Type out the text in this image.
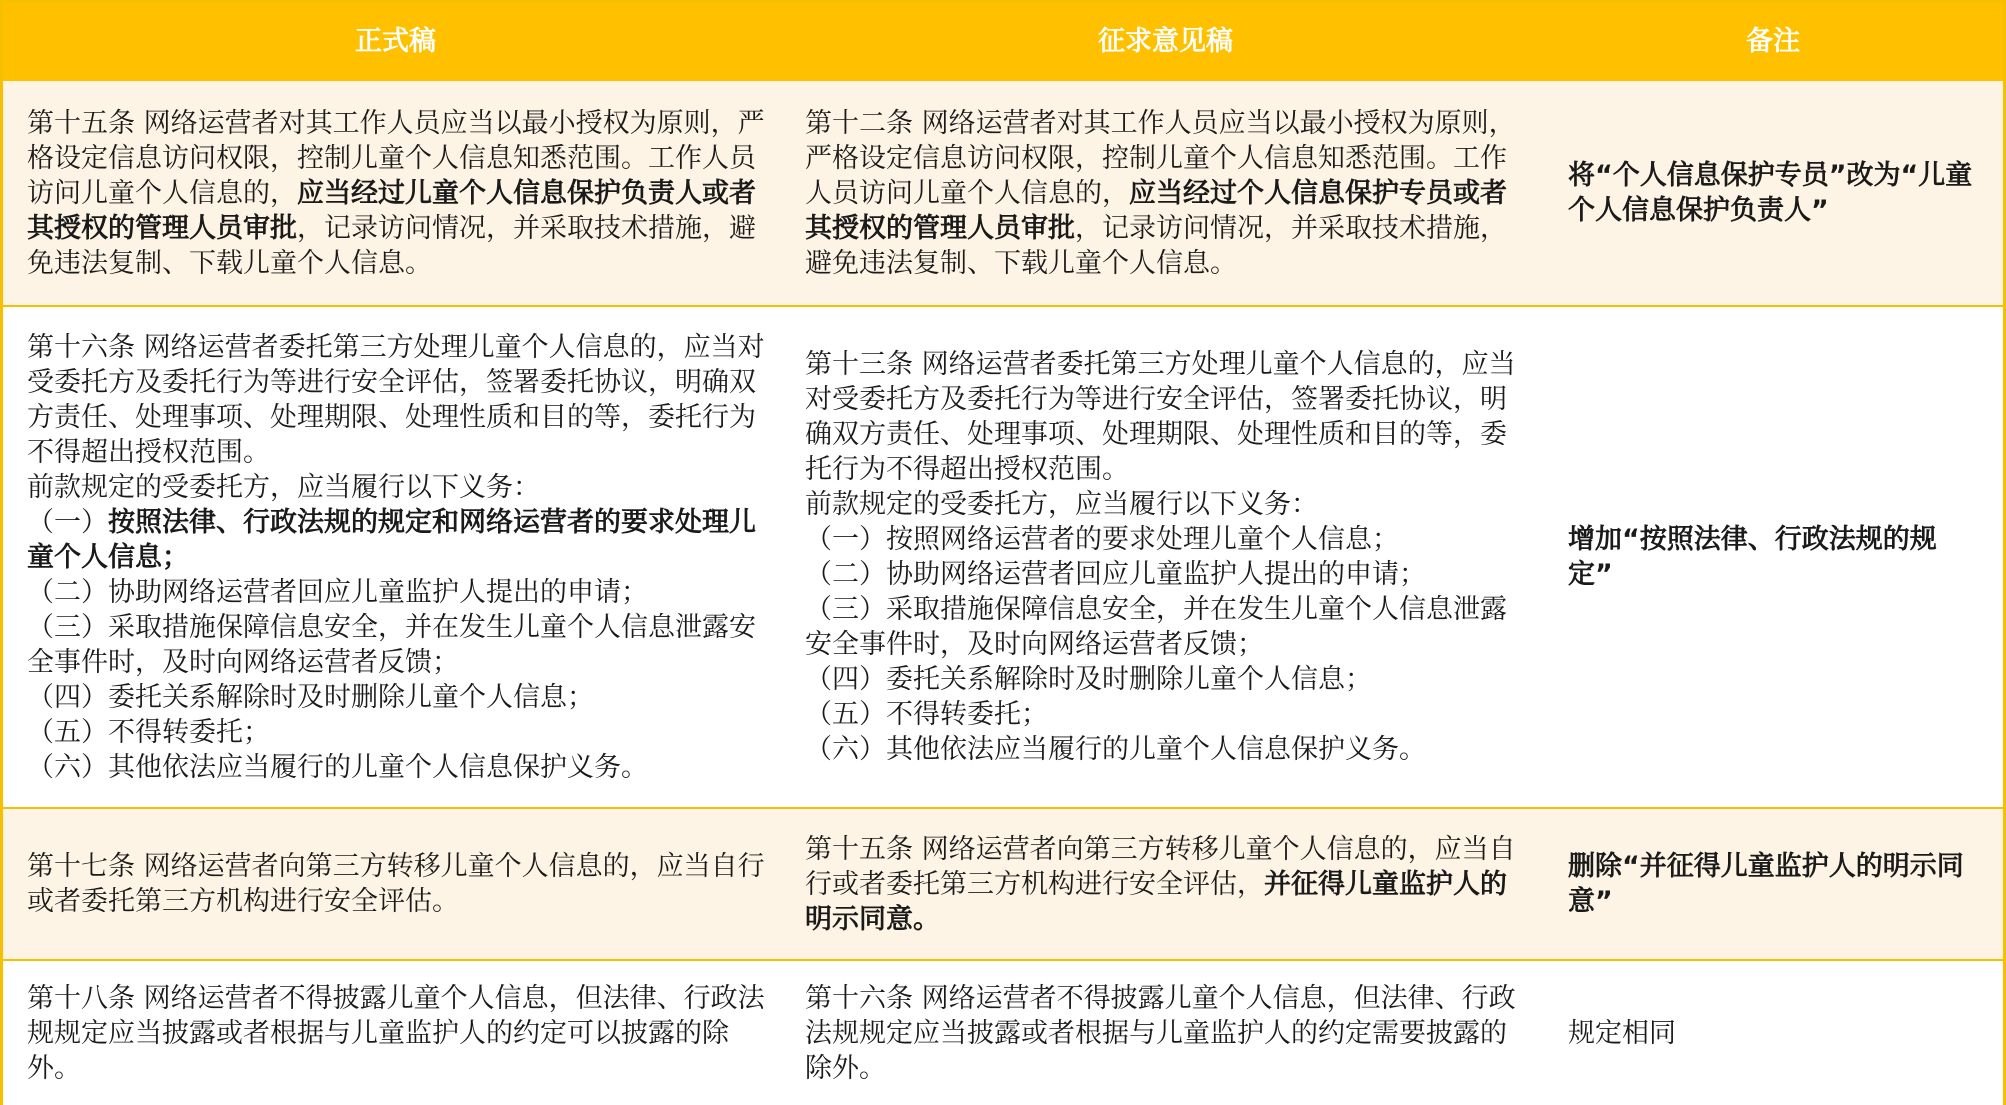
正式稿	征求意见稿	备注

第十五条 网络运营者对其工作人员应当以最小授权为原则，严格设定信息访问权限，控制儿童个人信息知悉范围。工作人员访问儿童个人信息的，应当经过儿童个人信息保护负责人或者其授权的管理人员审批，记录访问情况，并采取技术措施，避免违法复制、下载儿童个人信息。

第十二条 网络运营者对其工作人员应当以最小授权为原则，严格设定信息访问权限，控制儿童个人信息知悉范围。工作人员访问儿童个人信息的，应当经过个人信息保护专员或者其授权的管理人员审批，记录访问情况，并采取技术措施，避免违法复制、下载儿童个人信息。

将“个人信息保护专员”改为“儿童个人信息保护负责人”

第十六条 网络运营者委托第三方处理儿童个人信息的，应当对受委托方及委托行为等进行安全评估，签署委托协议，明确双方责任、处理事项、处理期限、处理性质和目的等，委托行为不得超出授权范围。

前款规定的受委托方，应当履行以下义务：

（一）按照法律、行政法规的规定和网络运营者的要求处理儿童个人信息；

（二）协助网络运营者回应儿童监护人提出的申请；

（三）采取措施保障信息安全，并在发生儿童个人信息泄露安全事件时，及时向网络运营者反馈；

（四）委托关系解除时及时删除儿童个人信息；

（五）不得转委托；

（六）其他依法应当履行的儿童个人信息保护义务。

第十三条 网络运营者委托第三方处理儿童个人信息的，应当对受委托方及委托行为等进行安全评估，签署委托协议，明确双方责任、处理事项、处理期限、处理性质和目的等，委托行为不得超出授权范围。

前款规定的受委托方，应当履行以下义务：

（一）按照网络运营者的要求处理儿童个人信息；

（二）协助网络运营者回应儿童监护人提出的申请；

（三）采取措施保障信息安全，并在发生儿童个人信息泄露安全事件时，及时向网络运营者反馈；

（四）委托关系解除时及时删除儿童个人信息；

（五）不得转委托；

（六）其他依法应当履行的儿童个人信息保护义务。

增加“按照法律、行政法规的规定”

第十七条 网络运营者向第三方转移儿童个人信息的，应当自行或者委托第三方机构进行安全评估。

第十五条 网络运营者向第三方转移儿童个人信息的，应当自行或者委托第三方机构进行安全评估，并征得儿童监护人的明示同意。

删除“并征得儿童监护人的明示同意”

第十八条 网络运营者不得披露儿童个人信息，但法律、行政法规规定应当披露或者根据与儿童监护人的约定可以披露的除外。

第十六条 网络运营者不得披露儿童个人信息，但法律、行政法规规定应当披露或者根据与儿童监护人的约定需要披露的除外。

规定相同
